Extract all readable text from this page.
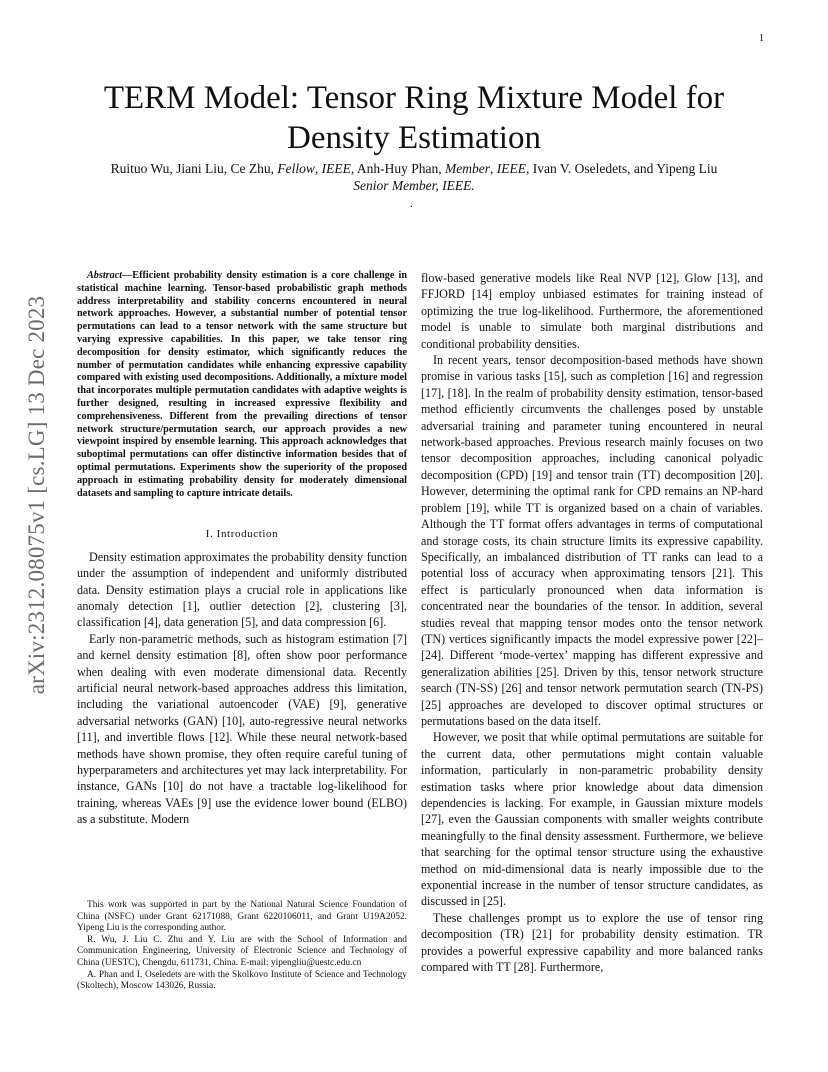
1
arXiv:2312.08075v1 [cs.LG] 13 Dec 2023
TERM Model: Tensor Ring Mixture Model for Density Estimation
Ruituo Wu, Jiani Liu, Ce Zhu, Fellow, IEEE, Anh-Huy Phan, Member, IEEE, Ivan V. Oseledets, and Yipeng Liu
Senior Member, IEEE.
.

Abstract—Efficient probability density estimation is a core challenge in statistical machine learning. Tensor-based probabilistic graph methods address interpretability and stability concerns encountered in neural network approaches. However, a substantial number of potential tensor permutations can lead to a tensor network with the same structure but varying expressive capabilities. In this paper, we take tensor ring decomposition for density estimator, which significantly reduces the number of permutation candidates while enhancing expressive capability compared with existing used decompositions. Additionally, a mixture model that incorporates multiple permutation candidates with adaptive weights is further designed, resulting in increased expressive flexibility and comprehensiveness. Different from the prevailing directions of tensor network structure/permutation search, our approach provides a new viewpoint inspired by ensemble learning. This approach acknowledges that suboptimal permutations can offer distinctive information besides that of optimal permutations. Experiments show the superiority of the proposed approach in estimating probability density for moderately dimensional datasets and sampling to capture intricate details.

I. Introduction

Density estimation approximates the probability density function under the assumption of independent and uniformly distributed data. Density estimation plays a crucial role in applications like anomaly detection [1], outlier detection [2], clustering [3], classification [4], data generation [5], and data compression [6].

Early non-parametric methods, such as histogram estimation [7] and kernel density estimation [8], often show poor performance when dealing with even moderate dimensional data. Recently artificial neural network-based approaches address this limitation, including the variational autoencoder (VAE) [9], generative adversarial networks (GAN) [10], auto-regressive neural networks [11], and invertible flows [12]. While these neural network-based methods have shown promise, they often require careful tuning of hyperparameters and architectures yet may lack interpretability. For instance, GANs [10] do not have a tractable log-likelihood for training, whereas VAEs [9] use the evidence lower bound (ELBO) as a substitute. Modern

This work was supported in part by the National Natural Science Foundation of China (NSFC) under Grant 62171088, Grant 6220106011, and Grant U19A2052. Yipeng Liu is the corresponding author.

R. Wu, J. Liu C. Zhu and Y. Liu are with the School of Information and Communication Engineering, University of Electronic Science and Technology of China (UESTC), Chengdu, 611731, China. E-mail: yipengliu@uestc.edu.cn

A. Phan and I. Oseledets are with the Skolkovo Institute of Science and Technology (Skoltech), Moscow 143026, Russia.

flow-based generative models like Real NVP [12], Glow [13], and FFJORD [14] employ unbiased estimates for training instead of optimizing the true log-likelihood. Furthermore, the aforementioned model is unable to simulate both marginal distributions and conditional probability densities.

In recent years, tensor decomposition-based methods have shown promise in various tasks [15], such as completion [16] and regression [17], [18]. In the realm of probability density estimation, tensor-based method efficiently circumvents the challenges posed by unstable adversarial training and parameter tuning encountered in neural network-based approaches. Previous research mainly focuses on two tensor decomposition approaches, including canonical polyadic decomposition (CPD) [19] and tensor train (TT) decomposition [20]. However, determining the optimal rank for CPD remains an NP-hard problem [19], while TT is organized based on a chain of variables. Although the TT format offers advantages in terms of computational and storage costs, its chain structure limits its expressive capability. Specifically, an imbalanced distribution of TT ranks can lead to a potential loss of accuracy when approximating tensors [21]. This effect is particularly pronounced when data information is concentrated near the boundaries of the tensor. In addition, several studies reveal that mapping tensor modes onto the tensor network (TN) vertices significantly impacts the model expressive power [22]–[24]. Different ‘mode-vertex’ mapping has different expressive and generalization abilities [25]. Driven by this, tensor network structure search (TN-SS) [26] and tensor network permutation search (TN-PS) [25] approaches are developed to discover optimal structures or permutations based on the data itself.

However, we posit that while optimal permutations are suitable for the current data, other permutations might contain valuable information, particularly in non-parametric probability density estimation tasks where prior knowledge about data dimension dependencies is lacking. For example, in Gaussian mixture models [27], even the Gaussian components with smaller weights contribute meaningfully to the final density assessment. Furthermore, we believe that searching for the optimal tensor structure using the exhaustive method on mid-dimensional data is nearly impossible due to the exponential increase in the number of tensor structure candidates, as discussed in [25].

These challenges prompt us to explore the use of tensor ring decomposition (TR) [21] for probability density estimation. TR provides a powerful expressive capability and more balanced ranks compared with TT [28]. Furthermore,
